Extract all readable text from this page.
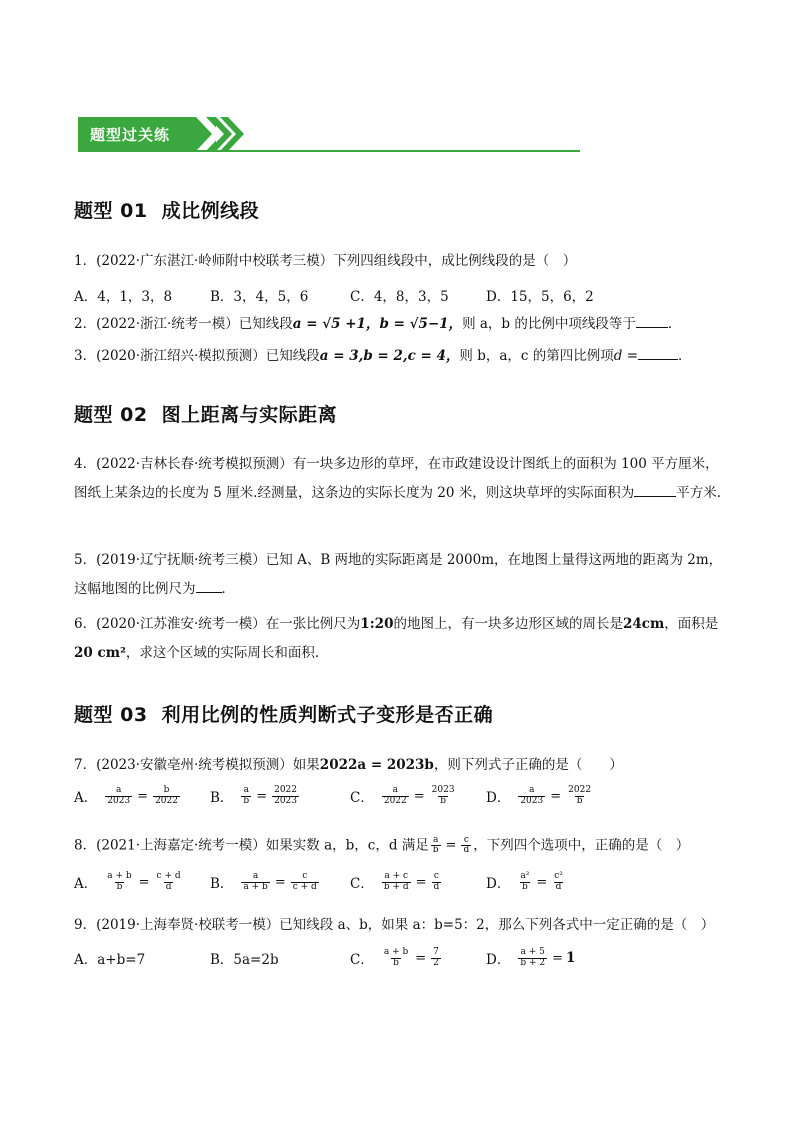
题型过关练
题型 01 成比例线段
1．(2022·广东湛江·岭师附中校联考三模）下列四组线段中，成比例线段的是（　）
A．4，1，3，8	B．3，4，5，6	C．4，8，3，5	D．15，5，6，2
2．(2022·浙江·统考一模）已知线段a = √5 +1，b = √5−1，则 a，b 的比例中项线段等于 ．
3．(2020·浙江绍兴·模拟预测）已知线段a = 3,b = 2,c = 4，则 b，a，c 的第四比例项d =	．
题型 02 图上距离与实际距离
4．(2022·吉林长春·统考模拟预测）有一块多边形的草坪，在市政建设设计图纸上的面积为 100 平方厘米，图纸上某条边的长度为 5 厘米.经测量，这条边的实际长度为 20 米，则这块草坪的实际面积为	平方米.
5．(2019·辽宁抚顺·统考三模）已知 A、B 两地的实际距离是 2000m，在地图上量得这两地的距离为 2m，这幅地图的比例尺为 ．
6．(2020·江苏淮安·统考一模）在一张比例尺为1:20的地图上，有一块多边形区域的周长是24cm，面积是20 cm²，求这个区域的实际周长和面积．
题型 03 利用比例的性质判断式子变形是否正确
7．(2023·安徽亳州·统考模拟预测）如果2022a = 2023b，则下列式子正确的是（　　）
A． $\frac{a}{2023} = \frac{b}{2022}$ B． $\frac{a}{b} = \frac{2022}{2023}$	C． $\frac{a}{2022} = \frac{2023}{b}$ D． $\frac{a}{2023} = \frac{2022}{b}$
8．(2021·上海嘉定·统考一模）如果实数 a，b，c，d 满足 $\frac{a}{b} = \frac{c}{d}$ ，下列四个选项中，正确的是（　）
A． $\frac{a + b}{b} = \frac{c + d}{d}$ B． $\frac{a}{a + b} = \frac{c}{c + d}$ C． $\frac{a + c}{b + d} = \frac{c}{d}$	D． $\frac{\text{a²}}{b} = \frac{\text{c²}}{d}$
9．(2019·上海奉贤·校联考一模）已知线段 a、b，如果 a：b=5：2，那么下列各式中一定正确的是（　）
A．a+b=7	B．5a=2b	C． $\frac{a + b}{b} = \frac{7}{2}$	D． $\frac{a + 5}{b + 2} = 1$
